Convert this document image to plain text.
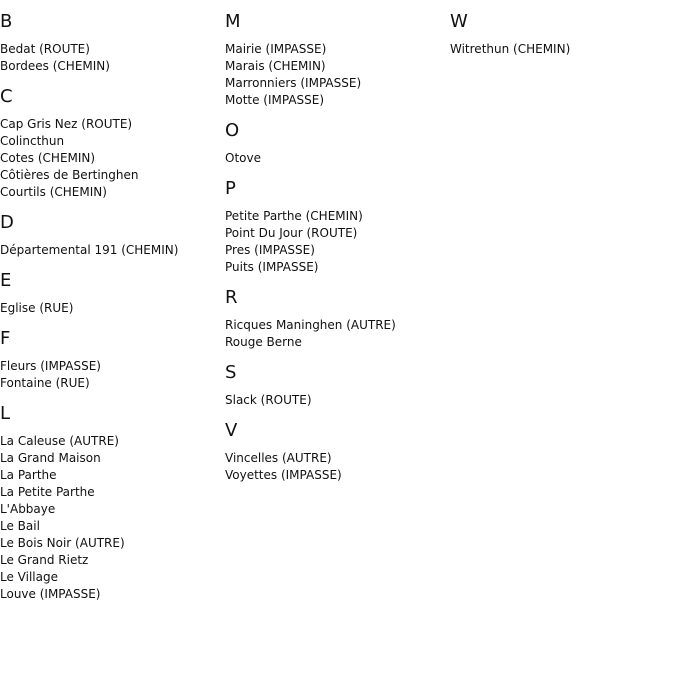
B
Bedat (ROUTE)
Bordees (CHEMIN)
C
Cap Gris Nez (ROUTE)
Colincthun
Cotes (CHEMIN)
Côtières de Bertinghen
Courtils (CHEMIN)
D
Départemental 191 (CHEMIN)
E
Eglise (RUE)
F
Fleurs (IMPASSE)
Fontaine (RUE)
L
La Caleuse (AUTRE)
La Grand Maison
La Parthe
La Petite Parthe
L'Abbaye
Le Bail
Le Bois Noir (AUTRE)
Le Grand Rietz
Le Village
Louve (IMPASSE)
M
Mairie (IMPASSE)
Marais (CHEMIN)
Marronniers (IMPASSE)
Motte (IMPASSE)
O
Otove
P
Petite Parthe (CHEMIN)
Point Du Jour (ROUTE)
Pres (IMPASSE)
Puits (IMPASSE)
R
Ricques Maninghen (AUTRE)
Rouge Berne
S
Slack (ROUTE)
V
Vincelles (AUTRE)
Voyettes (IMPASSE)
W
Witrethun (CHEMIN)
